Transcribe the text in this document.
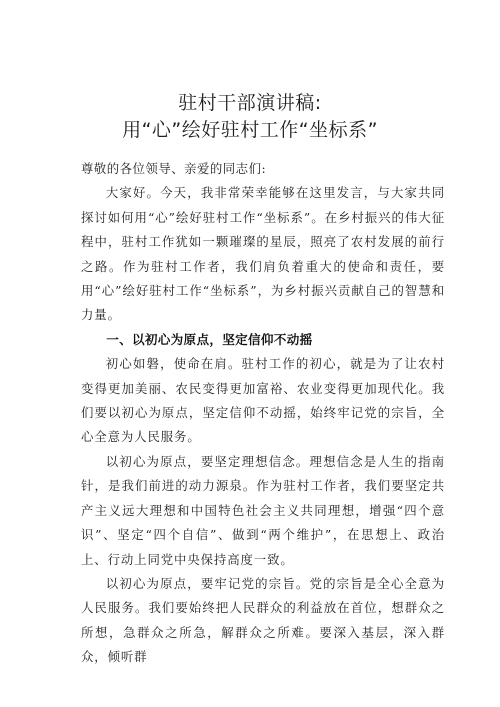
驻村干部演讲稿:
用“心”绘好驻村工作“坐标系”

尊敬的各位领导、亲爱的同志们:

大家好。今天，我非常荣幸能够在这里发言，与大家共同探讨如何用“心”绘好驻村工作“坐标系”。在乡村振兴的伟大征程中，驻村工作犹如一颗璀璨的星辰，照亮了农村发展的前行之路。作为驻村工作者，我们肩负着重大的使命和责任，要用“心”绘好驻村工作“坐标系”，为乡村振兴贡献自己的智慧和力量。

一、以初心为原点，坚定信仰不动摇

初心如磐，使命在肩。驻村工作的初心，就是为了让农村变得更加美丽、农民变得更加富裕、农业变得更加现代化。我们要以初心为原点，坚定信仰不动摇，始终牢记党的宗旨，全心全意为人民服务。

以初心为原点，要坚定理想信念。理想信念是人生的指南针，是我们前进的动力源泉。作为驻村工作者，我们要坚定共产主义远大理想和中国特色社会主义共同理想，增强“四个意识”、坚定“四个自信”、做到“两个维护”，在思想上、政治上、行动上同党中央保持高度一致。

以初心为原点，要牢记党的宗旨。党的宗旨是全心全意为人民服务。我们要始终把人民群众的利益放在首位，想群众之所想，急群众之所急，解群众之所难。要深入基层，深入群众，倾听群
